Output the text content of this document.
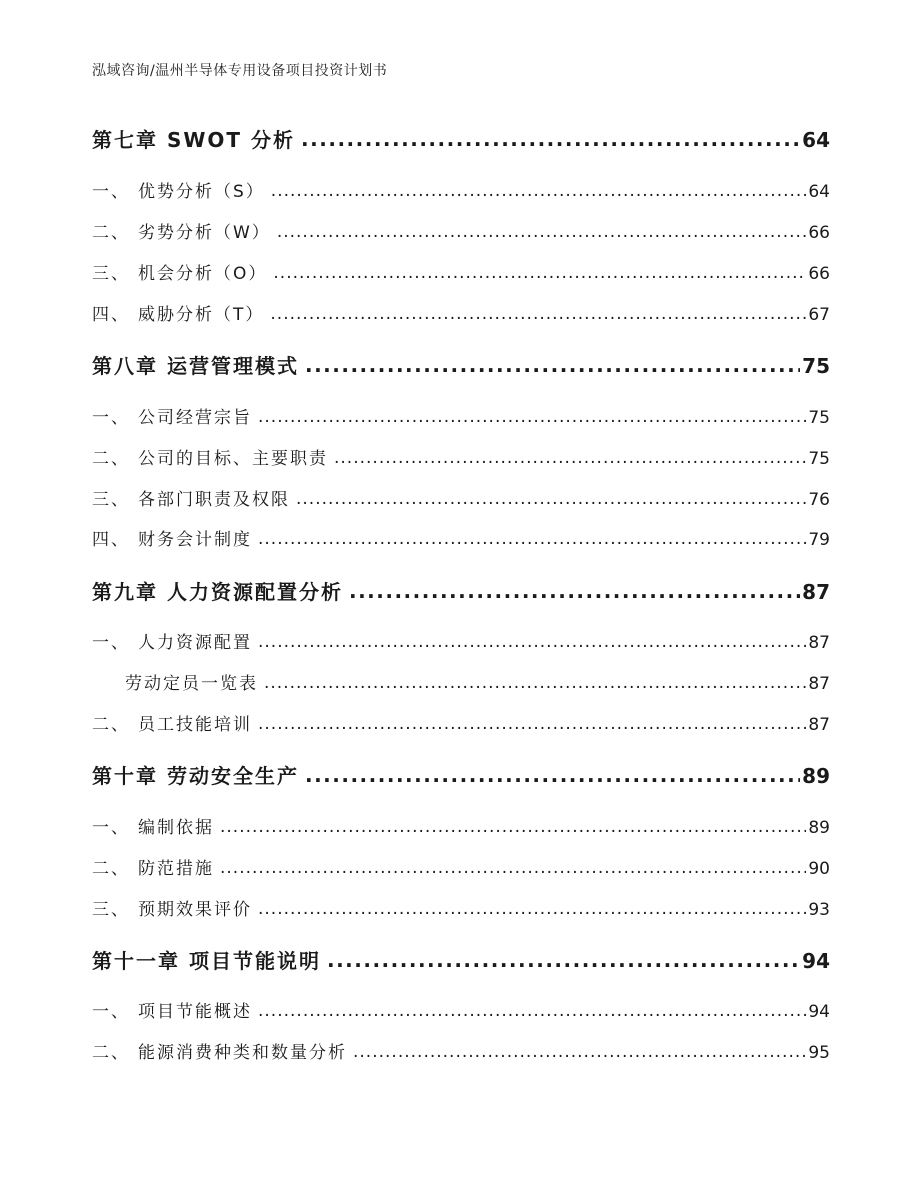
泓域咨询/温州半导体专用设备项目投资计划书
第七章 SWOT 分析 .....	64
一、 优势分析（S） .....	64
二、 劣势分析（W） .....	66
三、 机会分析（O） .....	66
四、 威胁分析（T） .....	67
第八章 运营管理模式 .....	75
一、 公司经营宗旨 .....	75
二、 公司的目标、主要职责 .....	75
三、 各部门职责及权限 .....	76
四、 财务会计制度 .....	79
第九章 人力资源配置分析 .....	87
一、 人力资源配置 .....	87
劳动定员一览表 .....	87
二、 员工技能培训 .....	87
第十章 劳动安全生产 .....	89
一、 编制依据 .....	89
二、 防范措施 .....	90
三、 预期效果评价 .....	93
第十一章 项目节能说明 .....	94
一、 项目节能概述 .....	94
二、 能源消费种类和数量分析 .....	95
